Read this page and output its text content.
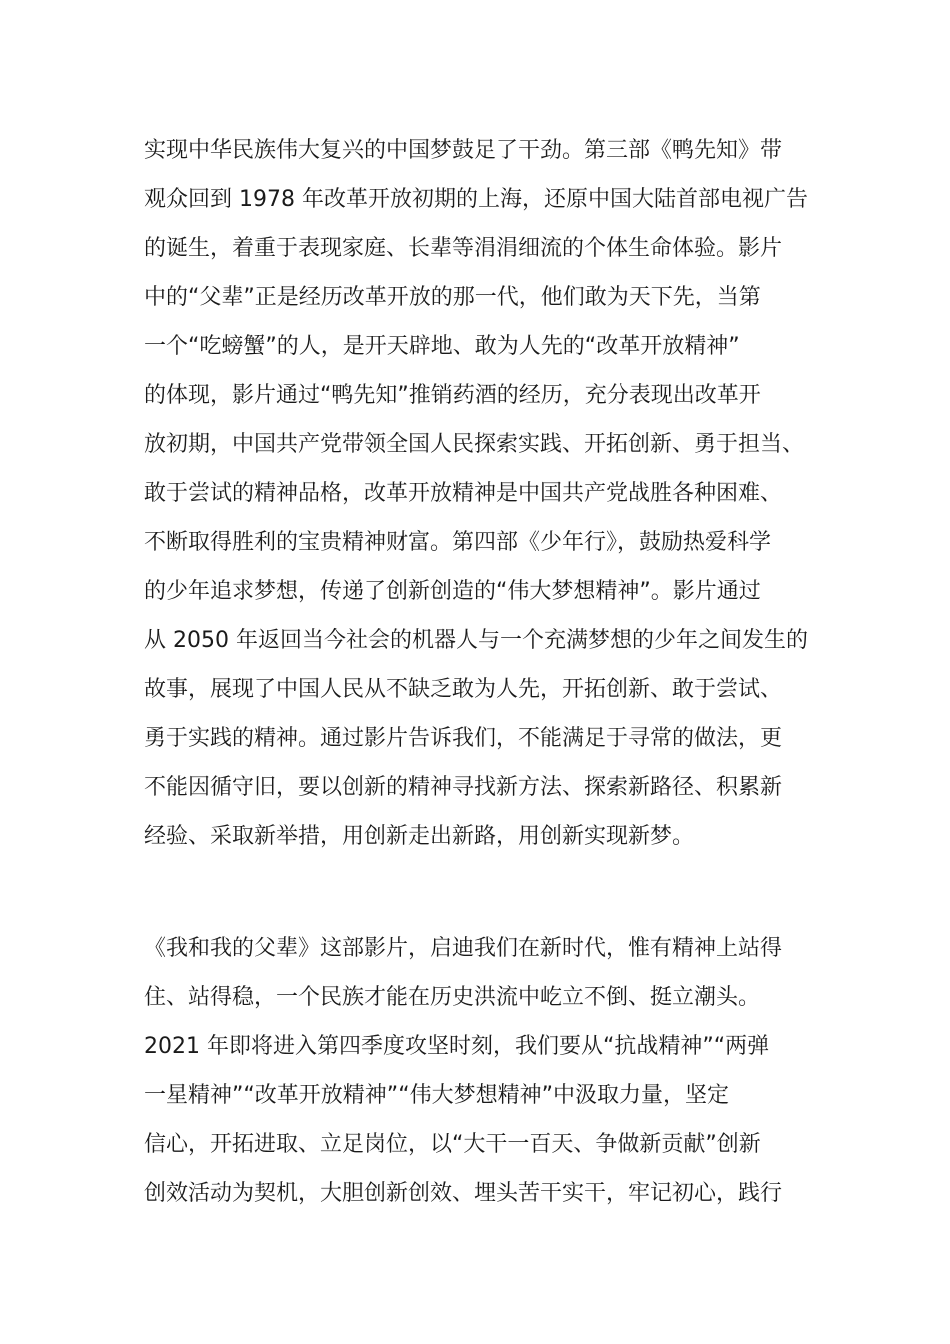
实现中华民族伟大复兴的中国梦鼓足了干劲。第三部《鸭先知》带
观众回到 1978 年改革开放初期的上海，还原中国大陆首部电视广告
的诞生，着重于表现家庭、长辈等涓涓细流的个体生命体验。影片
中的“父辈”正是经历改革开放的那一代，他们敢为天下先，当第
一个“吃螃蟹”的人，是开天辟地、敢为人先的“改革开放精神”
的体现，影片通过“鸭先知”推销药酒的经历，充分表现出改革开
放初期，中国共产党带领全国人民探索实践、开拓创新、勇于担当、
敢于尝试的精神品格，改革开放精神是中国共产党战胜各种困难、
不断取得胜利的宝贵精神财富。第四部《少年行》，鼓励热爱科学
的少年追求梦想，传递了创新创造的“伟大梦想精神”。影片通过
从 2050 年返回当今社会的机器人与一个充满梦想的少年之间发生的
故事，展现了中国人民从不缺乏敢为人先，开拓创新、敢于尝试、
勇于实践的精神。通过影片告诉我们，不能满足于寻常的做法，更
不能因循守旧，要以创新的精神寻找新方法、探索新路径、积累新
经验、采取新举措，用创新走出新路，用创新实现新梦。
《我和我的父辈》这部影片，启迪我们在新时代，惟有精神上站得
住、站得稳，一个民族才能在历史洪流中屹立不倒、挺立潮头。
2021 年即将进入第四季度攻坚时刻，我们要从“抗战精神”“两弹
一星精神”“改革开放精神”“伟大梦想精神”中汲取力量，坚定
信心，开拓进取、立足岗位，以“大干一百天、争做新贡献”创新
创效活动为契机，大胆创新创效、埋头苦干实干，牢记初心，践行
